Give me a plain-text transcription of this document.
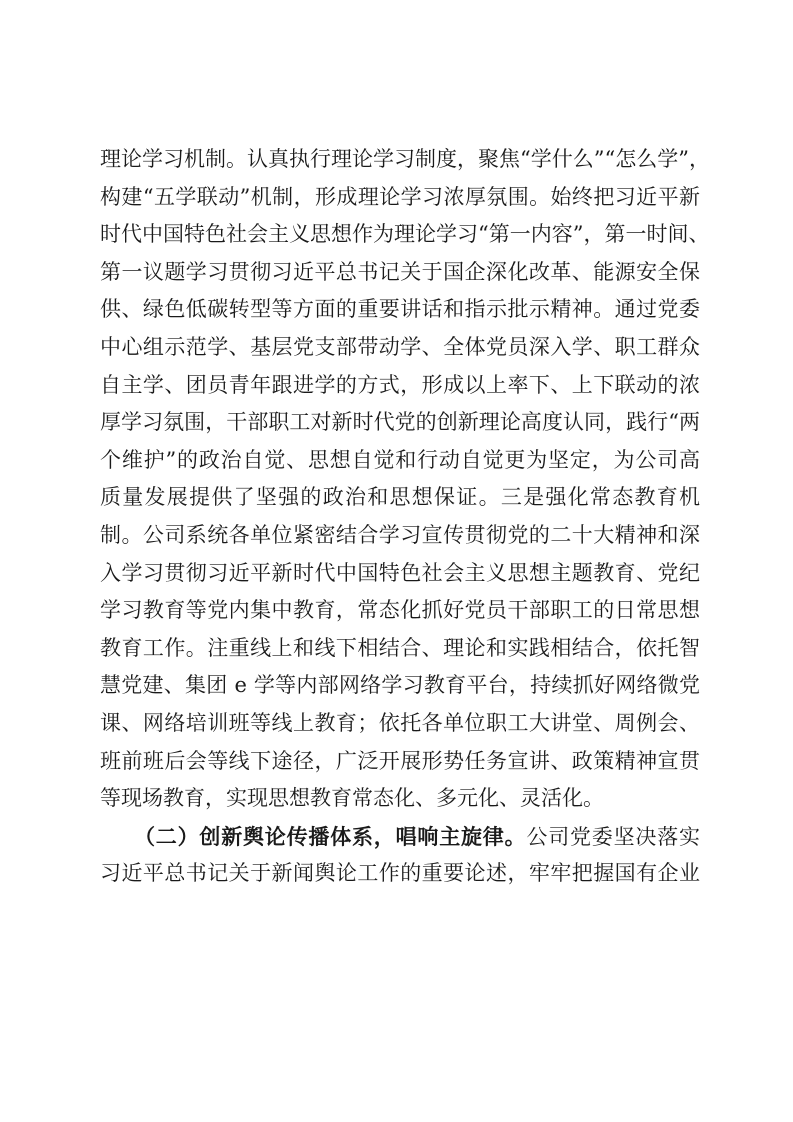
理论学习机制。认真执行理论学习制度，聚焦“学什么”“怎么学”，
构建“五学联动”机制，形成理论学习浓厚氛围。始终把习近平新
时代中国特色社会主义思想作为理论学习“第一内容”，第一时间、
第一议题学习贯彻习近平总书记关于国企深化改革、能源安全保
供、绿色低碳转型等方面的重要讲话和指示批示精神。通过党委
中心组示范学、基层党支部带动学、全体党员深入学、职工群众
自主学、团员青年跟进学的方式，形成以上率下、上下联动的浓
厚学习氛围，干部职工对新时代党的创新理论高度认同，践行“两
个维护”的政治自觉、思想自觉和行动自觉更为坚定，为公司高
质量发展提供了坚强的政治和思想保证。三是强化常态教育机
制。公司系统各单位紧密结合学习宣传贯彻党的二十大精神和深
入学习贯彻习近平新时代中国特色社会主义思想主题教育、党纪
学习教育等党内集中教育，常态化抓好党员干部职工的日常思想
教育工作。注重线上和线下相结合、理论和实践相结合，依托智
慧党建、集团 e 学等内部网络学习教育平台，持续抓好网络微党
课、网络培训班等线上教育；依托各单位职工大讲堂、周例会、
班前班后会等线下途径，广泛开展形势任务宣讲、政策精神宣贯
等现场教育，实现思想教育常态化、多元化、灵活化。
（二）创新舆论传播体系，唱响主旋律。公司党委坚决落实
习近平总书记关于新闻舆论工作的重要论述，牢牢把握国有企业
